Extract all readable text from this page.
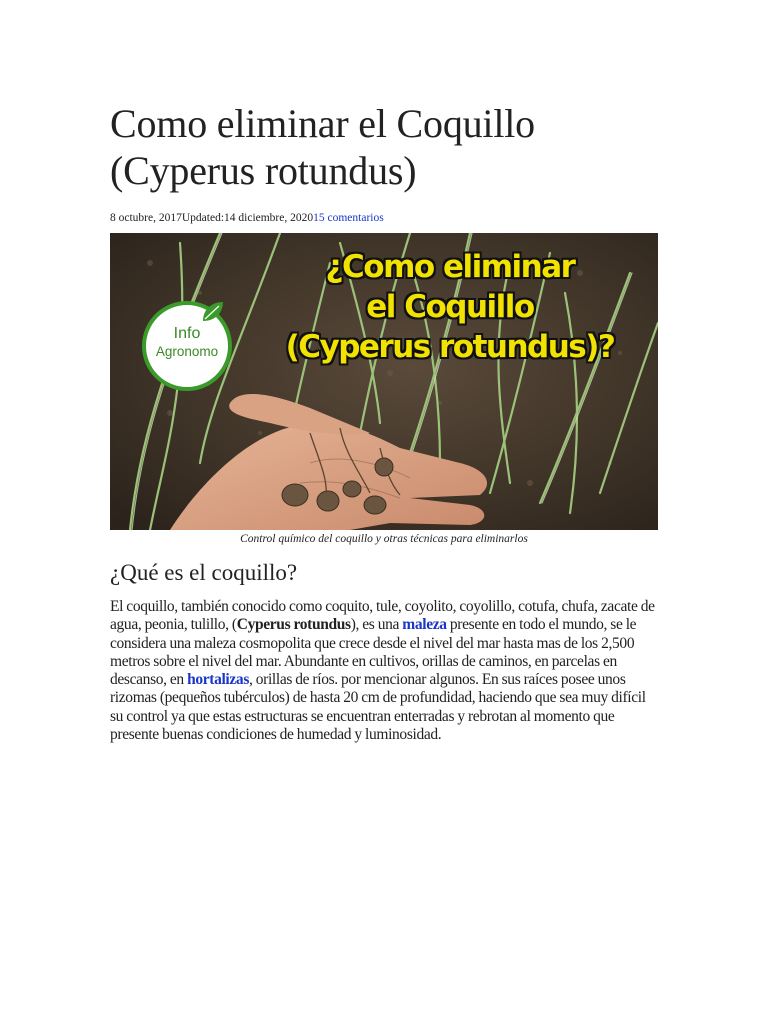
Como eliminar el Coquillo
(Cyperus rotundus)
8 octubre, 2017Updated:14 diciembre, 202015 comentarios
Info
Agronomo
¿Como eliminar
el Coquillo
(Cyperus rotundus)?
Control químico del coquillo y otras técnicas para eliminarlos
¿Qué es el coquillo?
El coquillo, también conocido como coquito, tule, coyolito, coyolillo, cotufa, chufa, zacate de agua, peonia, tulillo, (Cyperus rotundus), es una maleza presente en todo el mundo, se le considera una maleza cosmopolita que crece desde el nivel del mar hasta mas de los 2,500 metros sobre el nivel del mar. Abundante en cultivos, orillas de caminos, en parcelas en descanso, en hortalizas, orillas de ríos. por mencionar algunos. En sus raíces posee unos rizomas (pequeños tubérculos) de hasta 20 cm de profundidad, haciendo que sea muy difícil su control ya que estas estructuras se encuentran enterradas y rebrotan al momento que presente buenas condiciones de humedad y luminosidad.
